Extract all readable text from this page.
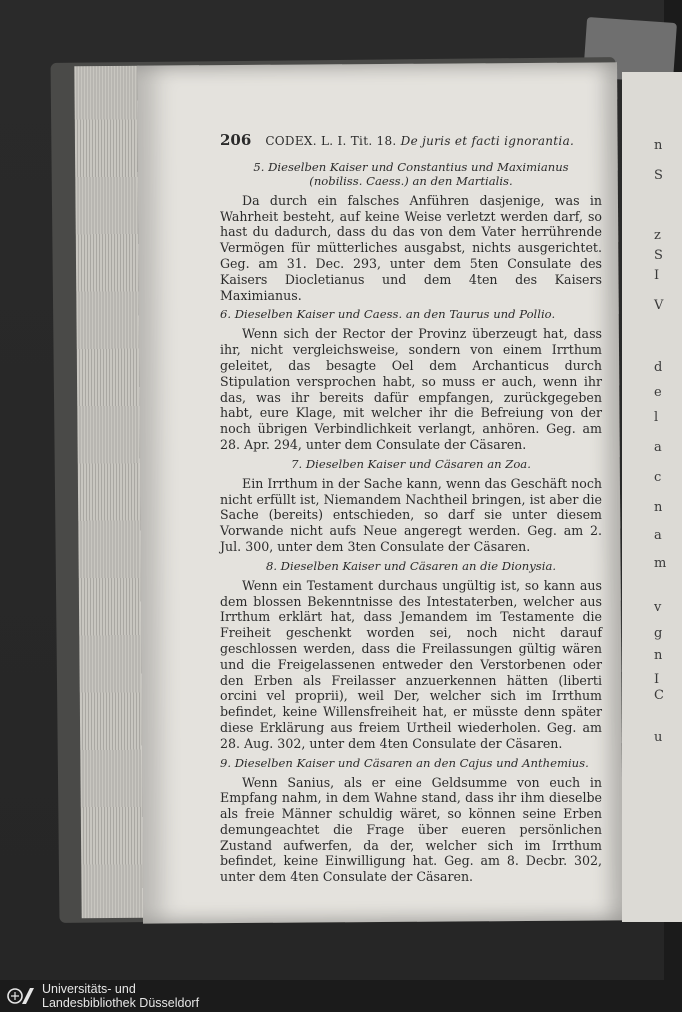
n
S
z
S
I
V
d
e
l
a
c
n
a
m
v
g
n
I
C
u
206 CODEX. L. I. Tit. 18. De juris et facti ignorantia.
5. Dieselben Kaiser und Constantius und Maximianus
(nobiliss. Caess.) an den Martialis.

Da durch ein falsches Anführen dasjenige, was in Wahrheit besteht, auf keine Weise verletzt werden darf, so hast du dadurch, dass du das von dem Vater herrührende Vermögen für mütterliches ausgabst, nichts ausgerichtet. Geg. am 31. Dec. 293, unter dem 5ten Consulate des Kaisers Diocletianus und dem 4ten des Kaisers Maximianus.

6. Dieselben Kaiser und Caess. an den Taurus und Pollio.

Wenn sich der Rector der Provinz überzeugt hat, dass ihr, nicht vergleichsweise, sondern von einem Irrthum geleitet, das besagte Oel dem Archanticus durch Stipulation versprochen habt, so muss er auch, wenn ihr das, was ihr bereits dafür empfangen, zurückgegeben habt, eure Klage, mit welcher ihr die Befreiung von der noch übrigen Verbindlichkeit verlangt, anhören. Geg. am 28. Apr. 294, unter dem Consulate der Cäsaren.

7. Dieselben Kaiser und Cäsaren an Zoa.

Ein Irrthum in der Sache kann, wenn das Geschäft noch nicht erfüllt ist, Niemandem Nachtheil bringen, ist aber die Sache (bereits) entschieden, so darf sie unter diesem Vorwande nicht aufs Neue angeregt werden. Geg. am 2. Jul. 300, unter dem 3ten Consulate der Cäsaren.

8. Dieselben Kaiser und Cäsaren an die Dionysia.

Wenn ein Testament durchaus ungültig ist, so kann aus dem blossen Bekenntnisse des Intestaterben, welcher aus Irrthum erklärt hat, dass Jemandem im Testamente die Freiheit geschenkt worden sei, noch nicht darauf geschlossen werden, dass die Freilassungen gültig wären und die Freigelassenen entweder den Verstorbenen oder den Erben als Freilasser anzuerkennen hätten (liberti orcini vel proprii), weil Der, welcher sich im Irrthum befindet, keine Willensfreiheit hat, er müsste denn später diese Erklärung aus freiem Urtheil wiederholen. Geg. am 28. Aug. 302, unter dem 4ten Consulate der Cäsaren.

9. Dieselben Kaiser und Cäsaren an den Cajus und Anthemius.

Wenn Sanius, als er eine Geldsumme von euch in Empfang nahm, in dem Wahne stand, dass ihr ihm dieselbe als freie Männer schuldig wäret, so können seine Erben demungeachtet die Frage über eueren persönlichen Zustand aufwerfen, da der, welcher sich im Irrthum befindet, keine Einwilligung hat. Geg. am 8. Decbr. 302, unter dem 4ten Consulate der Cäsaren.

Universitäts- und
Landesbibliothek Düsseldorf
